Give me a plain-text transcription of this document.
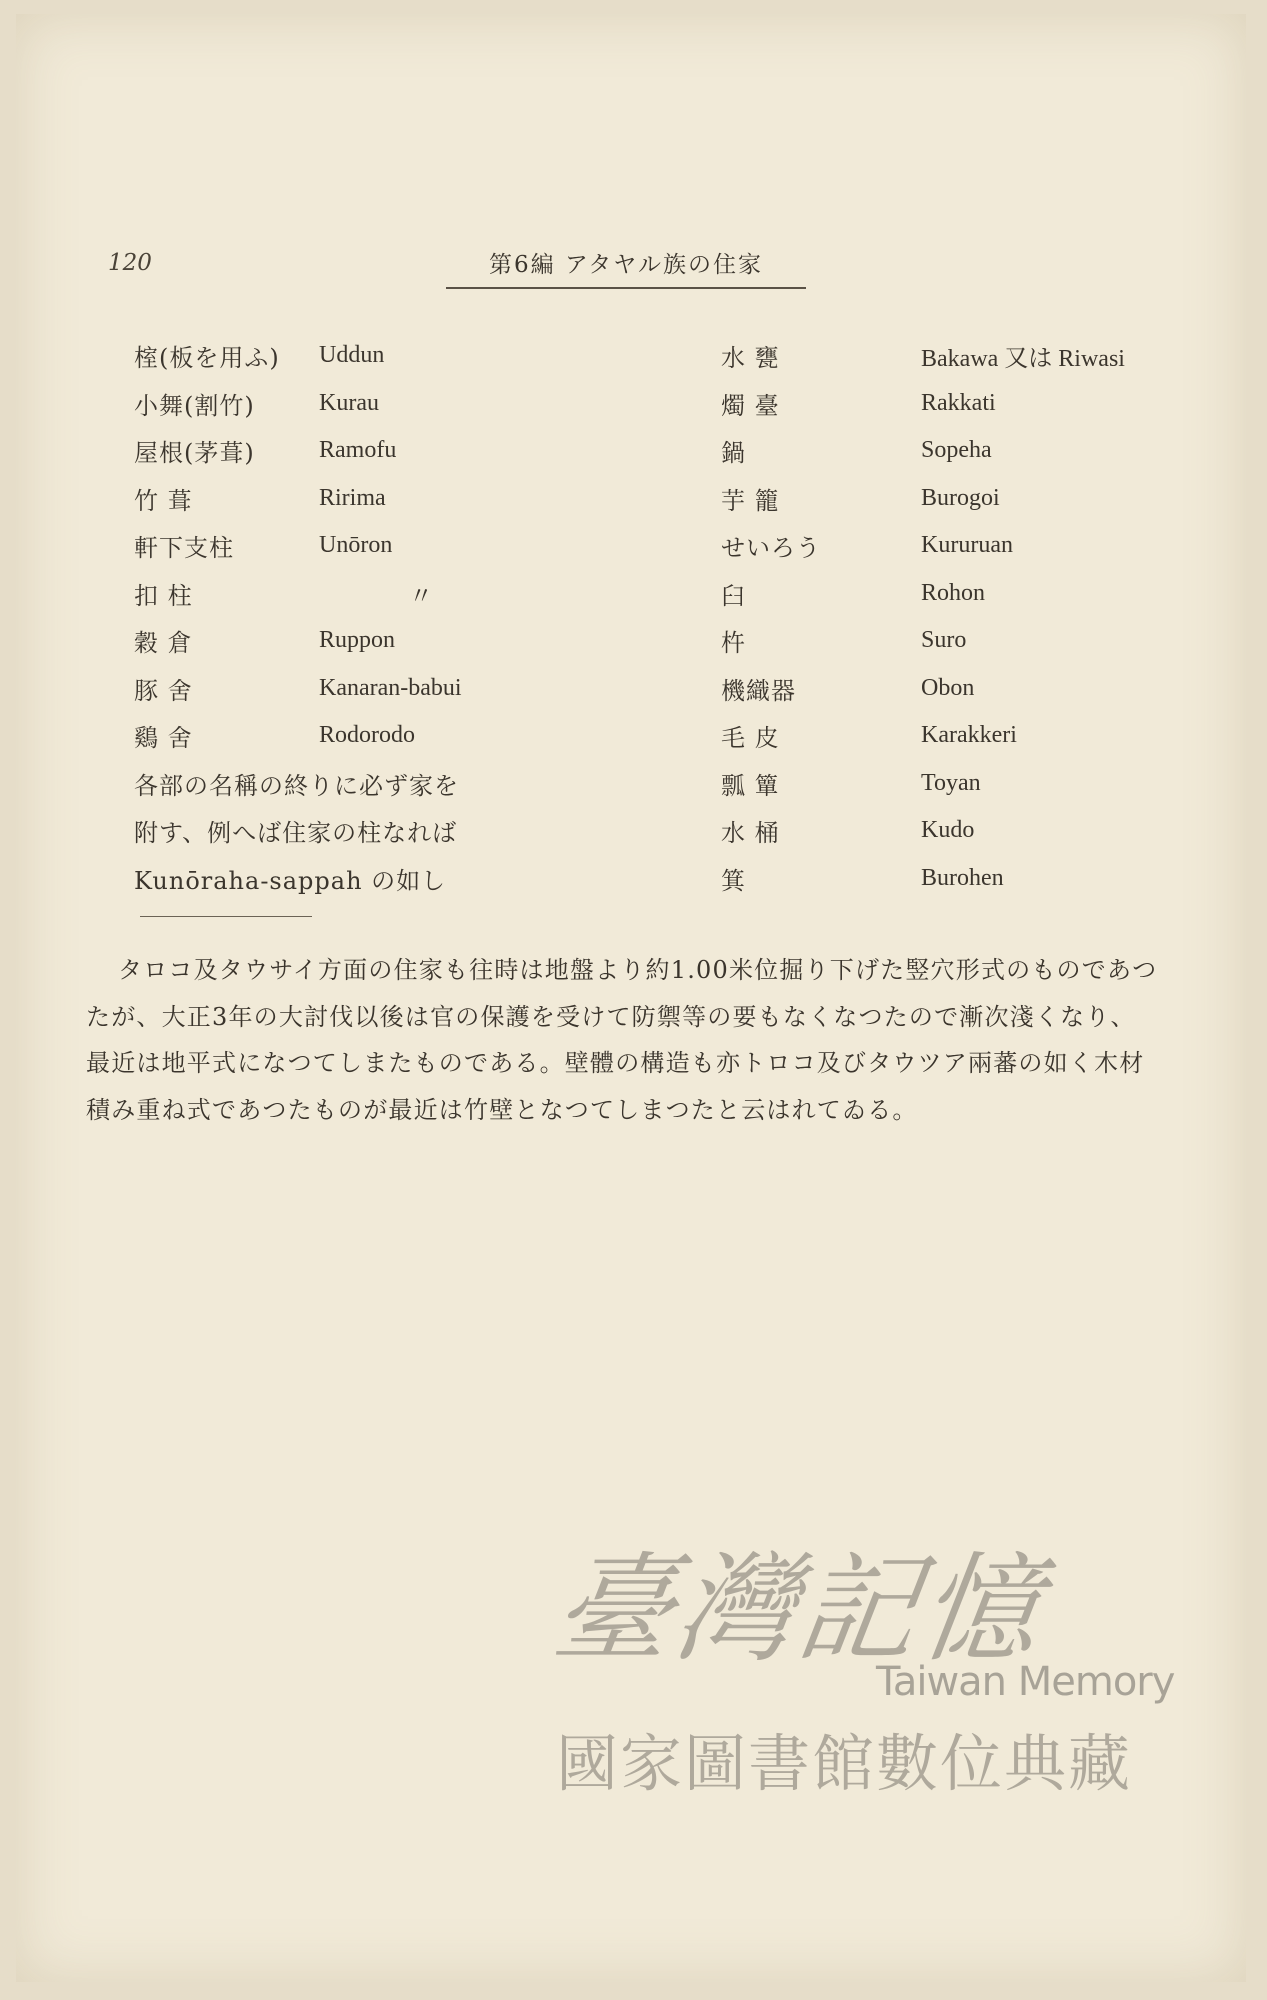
120	第6編 アタヤル族の住家
榁(板を用ふ)	Uddun	水 甕	Bakawa 又は Riwasi
小舞(割竹)	Kurau	燭 臺	Rakkati
屋根(茅葺)	Ramofu	鍋	Sopeha
竹 葺	Ririma	芋 籠	Burogoi
軒下支柱	Unōron	せいろう	Kururuan
扣 柱	〃	臼	Rohon
穀 倉	Ruppon	杵	Suro
豚 舍	Kanaran-babui	機織器	Obon
鷄 舍	Rodorodo	毛 皮	Karakkeri
各部の名稱の終りに必ず家を		瓢 簞	Toyan
附す、例へば住家の柱なれば		水 桶	Kudo
Kunōraha-sappah の如し		箕	Burohen
タロコ及タウサイ方面の住家も往時は地盤より約1.00米位掘り下げた竪穴形式のものであつ
たが、大正3年の大討伐以後は官の保護を受けて防禦等の要もなくなつたので漸次淺くなり、
最近は地平式になつてしまたものである。壁體の構造も亦トロコ及びタウツア兩蕃の如く木材
積み重ね式であつたものが最近は竹壁となつてしまつたと云はれてゐる。
臺灣記憶
Taiwan Memory
國家圖書館數位典藏
